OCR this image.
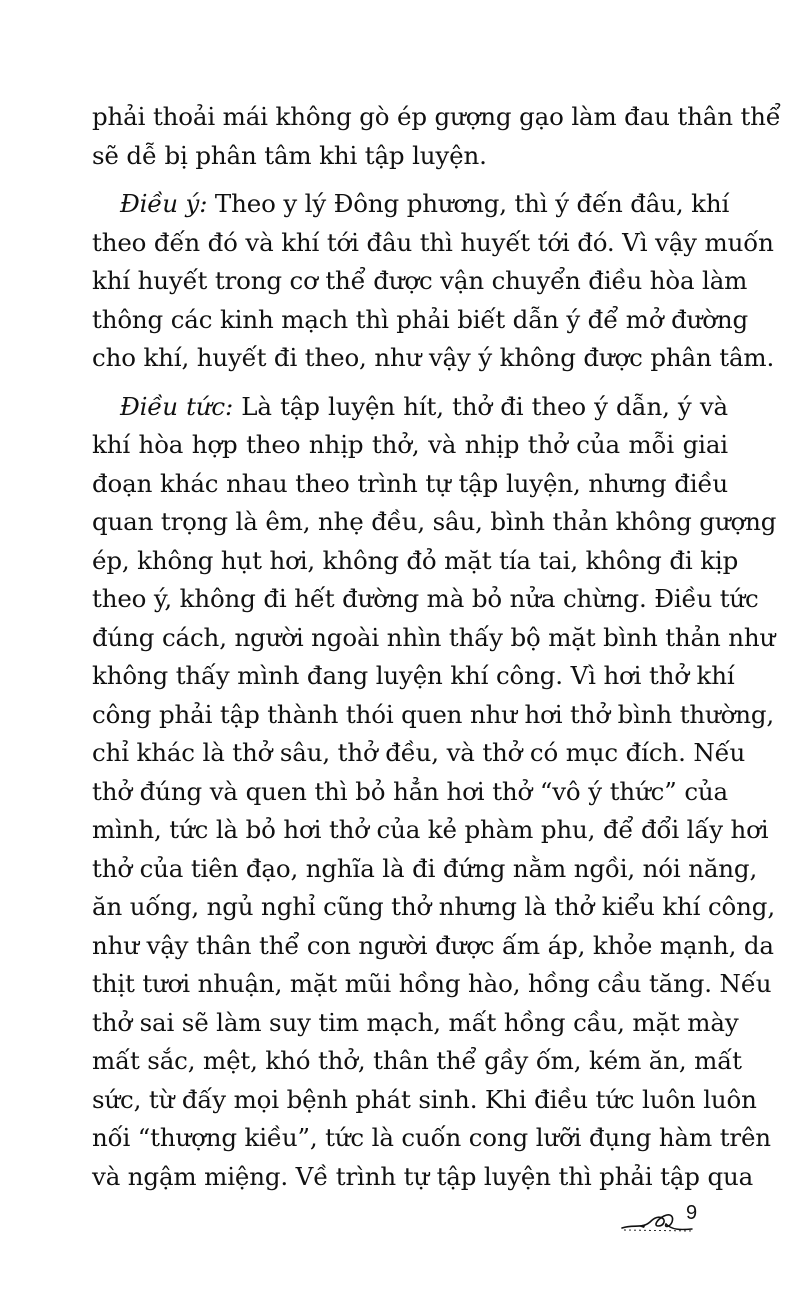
phải thoải mái không gò ép gượng gạo làm đau thân thể
sẽ dễ bị phân tâm khi tập luyện.
Điều ý: Theo y lý Đông phương, thì ý đến đâu, khí
theo đến đó và khí tới đâu thì huyết tới đó. Vì vậy muốn
khí huyết trong cơ thể được vận chuyển điều hòa làm
thông các kinh mạch thì phải biết dẫn ý để mở đường
cho khí, huyết đi theo, như vậy ý không được phân tâm.
Điều tức: Là tập luyện hít, thở đi theo ý dẫn, ý và
khí hòa hợp theo nhịp thở, và nhịp thở của mỗi giai
đoạn khác nhau theo trình tự tập luyện, nhưng điều
quan trọng là êm, nhẹ đều, sâu, bình thản không gượng
ép, không hụt hơi, không đỏ mặt tía tai, không đi kịp
theo ý, không đi hết đường mà bỏ nửa chừng. Điều tức
đúng cách, người ngoài nhìn thấy bộ mặt bình thản như
không thấy mình đang luyện khí công. Vì hơi thở khí
công phải tập thành thói quen như hơi thở bình thường,
chỉ khác là thở sâu, thở đều, và thở có mục đích. Nếu
thở đúng và quen thì bỏ hẳn hơi thở “vô ý thức” của
mình, tức là bỏ hơi thở của kẻ phàm phu, để đổi lấy hơi
thở của tiên đạo, nghĩa là đi đứng nằm ngồi, nói năng,
ăn uống, ngủ nghỉ cũng thở nhưng là thở kiểu khí công,
như vậy thân thể con người được ấm áp, khỏe mạnh, da
thịt tươi nhuận, mặt mũi hồng hào, hồng cầu tăng. Nếu
thở sai sẽ làm suy tim mạch, mất hồng cầu, mặt mày
mất sắc, mệt, khó thở, thân thể gầy ốm, kém ăn, mất
sức, từ đấy mọi bệnh phát sinh. Khi điều tức luôn luôn
nối “thượng kiều”, tức là cuốn cong lưỡi đụng hàm trên
và ngậm miệng. Về trình tự tập luyện thì phải tập qua
9
